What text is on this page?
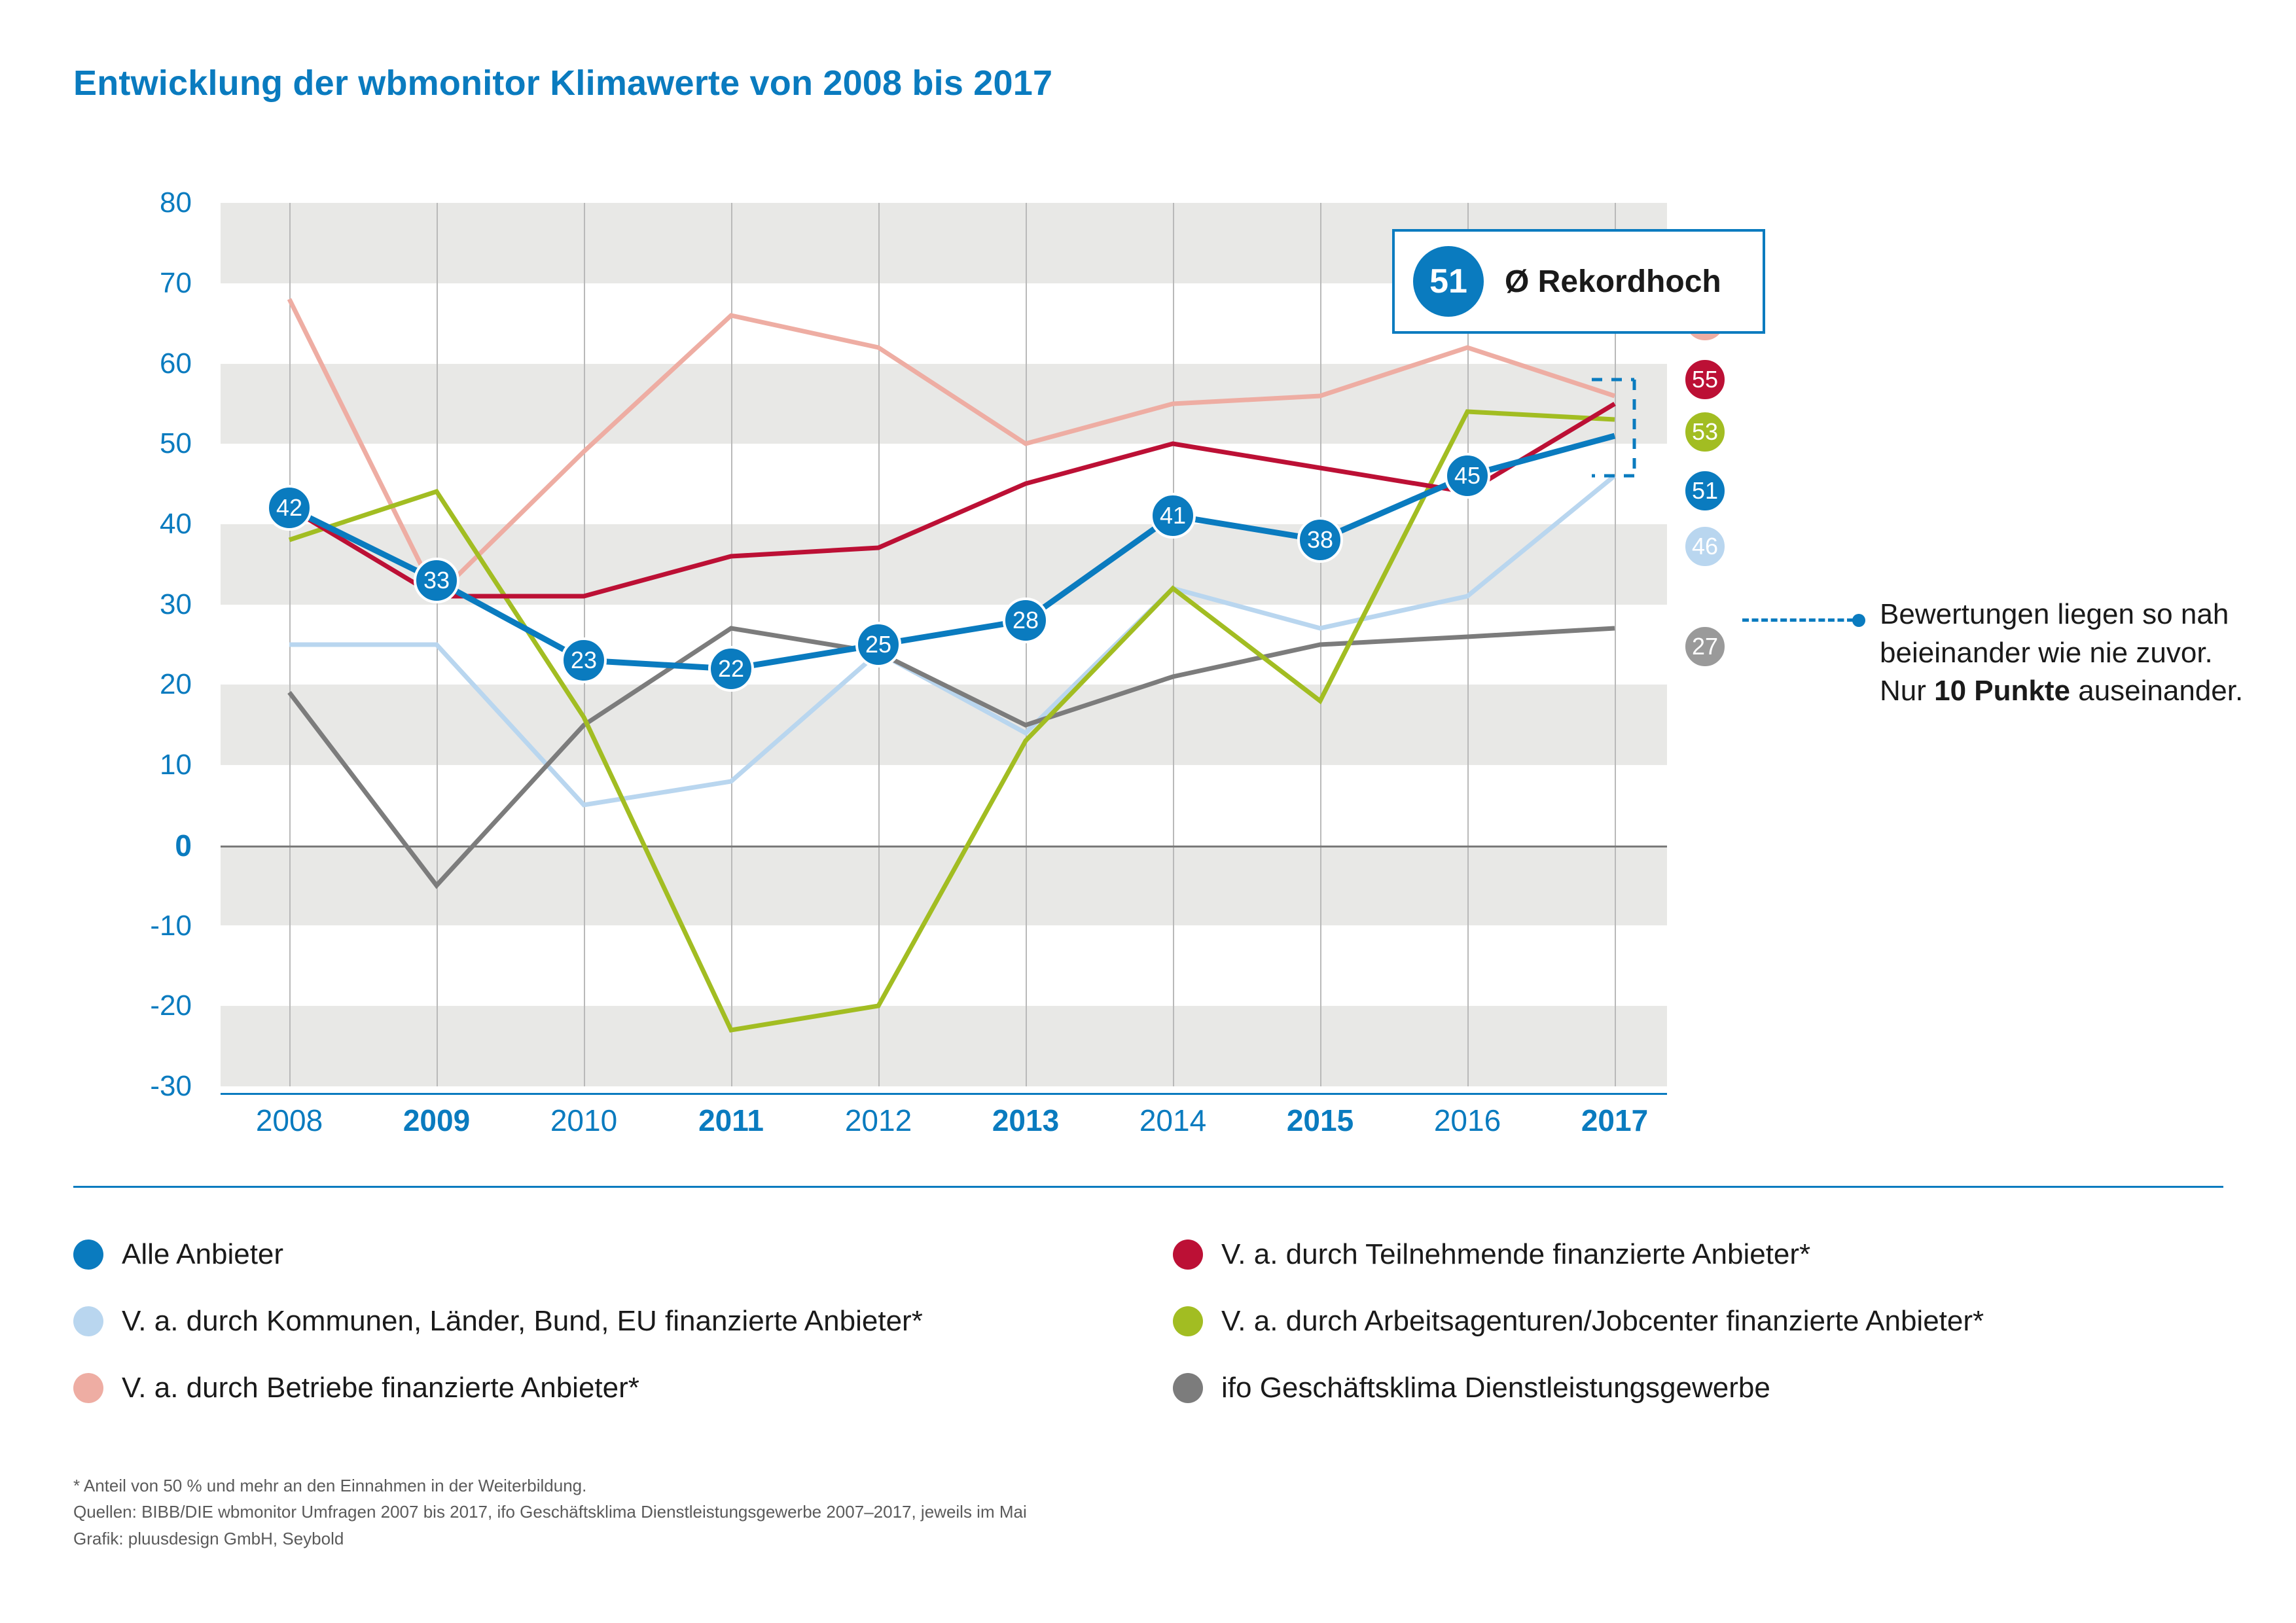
Entwicklung der wbmonitor Klimawerte von 2008 bis 2017
80
70
60
50
40
30
20
10
0
-10
-20
-30
42
33
23	22
25
28
41
38
45
55
53
51
46
27
51	Ø Rekordhoch
2008	2009	2010	2011	2012	2013	2014	2015	2016	2017
Bewertungen liegen so nah
beieinander wie nie zuvor.
Nur 10 Punkte auseinander.
Alle Anbieter
V. a. durch Kommunen, Länder, Bund, EU finanzierte Anbieter*
V. a. durch Betriebe finanzierte Anbieter*
V. a. durch Teilnehmende finanzierte Anbieter*
V. a. durch Arbeitsagenturen/Jobcenter finanzierte Anbieter*
ifo Geschäftsklima Dienstleistungsgewerbe
* Anteil von 50 % und mehr an den Einnahmen in der Weiterbildung.
Quellen: BIBB/DIE wbmonitor Umfragen 2007 bis 2017, ifo Geschäftsklima Dienstleistungsgewerbe 2007–2017, jeweils im Mai
Grafik: pluusdesign GmbH, Seybold
